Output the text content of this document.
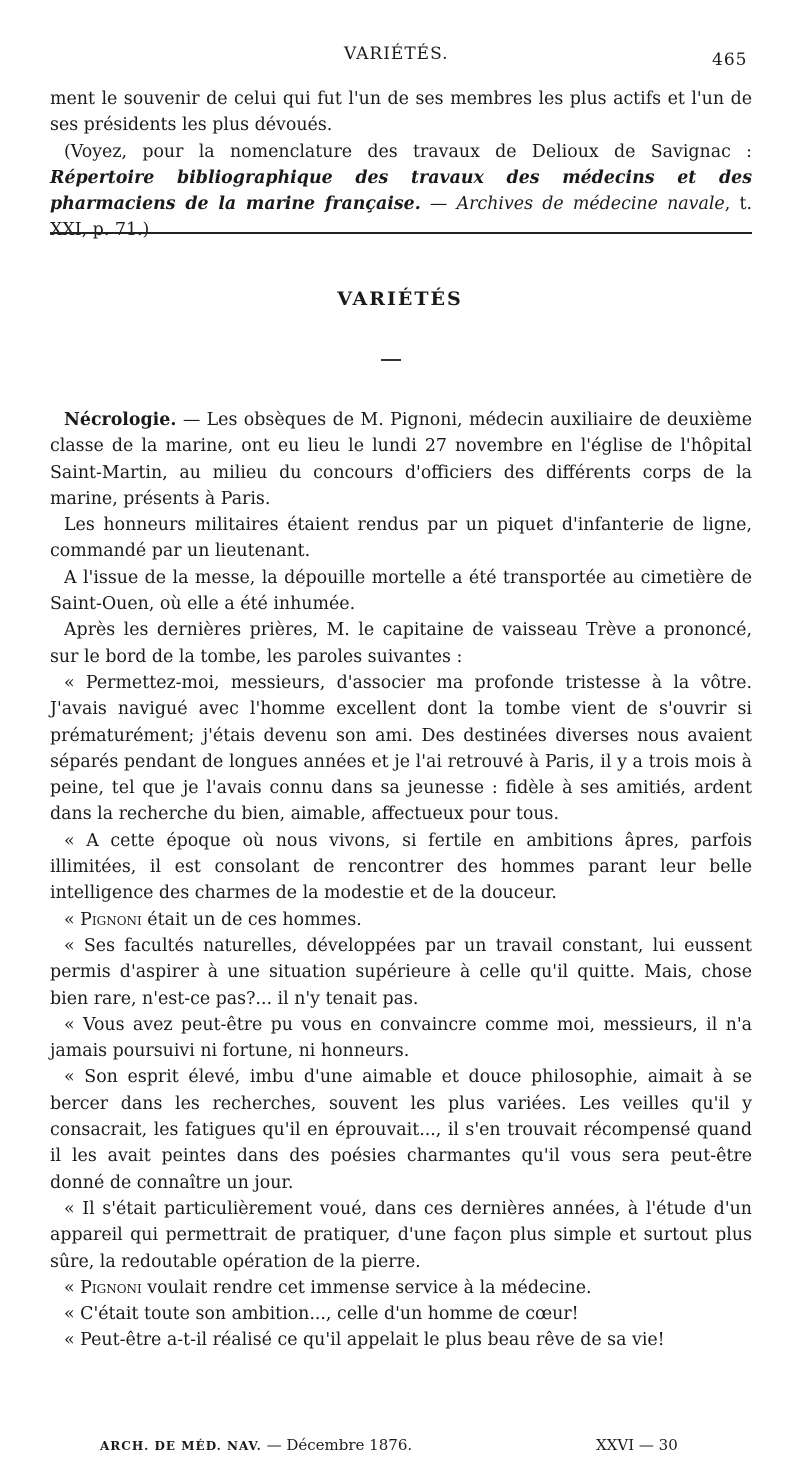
VARIÉTÉS.	465

ment le souvenir de celui qui fut l'un de ses membres les plus actifs et l'un de ses présidents les plus dévoués.

(Voyez, pour la nomenclature des travaux de Delioux de Savignac : Répertoire bibliographique des travaux des médecins et des pharmaciens de la marine française. — Archives de médecine navale, t. XXI, p. 71.)

VARIÉTÉS

Nécrologie. — Les obsèques de M. Pignoni, médecin auxiliaire de deuxième classe de la marine, ont eu lieu le lundi 27 novembre en l'église de l'hôpital Saint-Martin, au milieu du concours d'officiers des différents corps de la marine, présents à Paris.

Les honneurs militaires étaient rendus par un piquet d'infanterie de ligne, commandé par un lieutenant.

A l'issue de la messe, la dépouille mortelle a été transportée au cimetière de Saint-Ouen, où elle a été inhumée.

Après les dernières prières, M. le capitaine de vaisseau Trève a prononcé, sur le bord de la tombe, les paroles suivantes :

« Permettez-moi, messieurs, d'associer ma profonde tristesse à la vôtre. J'avais navigué avec l'homme excellent dont la tombe vient de s'ouvrir si prématurément; j'étais devenu son ami. Des destinées diverses nous avaient séparés pendant de longues années et je l'ai retrouvé à Paris, il y a trois mois à peine, tel que je l'avais connu dans sa jeunesse : fidèle à ses amitiés, ardent dans la recherche du bien, aimable, affectueux pour tous.

« A cette époque où nous vivons, si fertile en ambitions âpres, parfois illimitées, il est consolant de rencontrer des hommes parant leur belle intelligence des charmes de la modestie et de la douceur.

« Pignoni était un de ces hommes.

« Ses facultés naturelles, développées par un travail constant, lui eussent permis d'aspirer à une situation supérieure à celle qu'il quitte. Mais, chose bien rare, n'est-ce pas?... il n'y tenait pas.

« Vous avez peut-être pu vous en convaincre comme moi, messieurs, il n'a jamais poursuivi ni fortune, ni honneurs.

« Son esprit élevé, imbu d'une aimable et douce philosophie, aimait à se bercer dans les recherches, souvent les plus variées. Les veilles qu'il y consacrait, les fatigues qu'il en éprouvait..., il s'en trouvait récompensé quand il les avait peintes dans des poésies charmantes qu'il vous sera peut-être donné de connaître un jour.

« Il s'était particulièrement voué, dans ces dernières années, à l'étude d'un appareil qui permettrait de pratiquer, d'une façon plus simple et surtout plus sûre, la redoutable opération de la pierre.

« Pignoni voulait rendre cet immense service à la médecine.

« C'était toute son ambition..., celle d'un homme de cœur!

« Peut-être a-t-il réalisé ce qu'il appelait le plus beau rêve de sa vie!

ARCH. DE MÉD. NAV. — Décembre 1876.	XXVI — 30
